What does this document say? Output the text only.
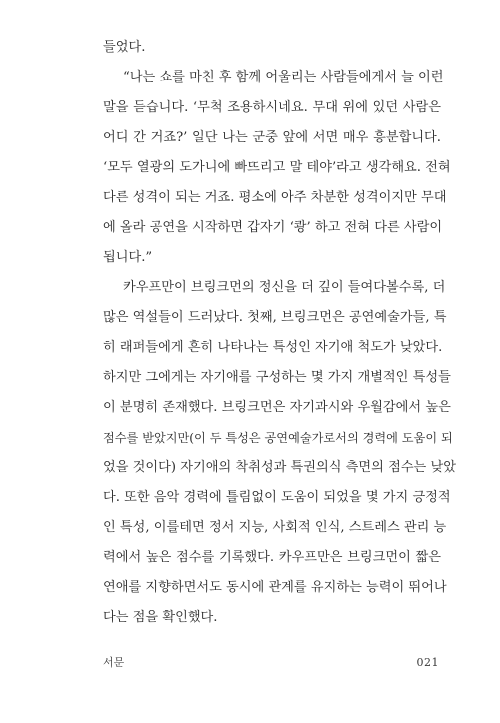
들었다.
“나는 쇼를 마친 후 함께 어울리는 사람들에게서 늘 이런
말을 듣습니다. ‘무척 조용하시네요. 무대 위에 있던 사람은
어디 간 거죠?’ 일단 나는 군중 앞에 서면 매우 흥분합니다.
‘모두 열광의 도가니에 빠뜨리고 말 테야’라고 생각해요. 전혀
다른 성격이 되는 거죠. 평소에 아주 차분한 성격이지만 무대
에 올라 공연을 시작하면 갑자기 ‘쾅’ 하고 전혀 다른 사람이
됩니다.”
카우프만이 브링크먼의 정신을 더 깊이 들여다볼수록, 더
많은 역설들이 드러났다. 첫째, 브링크먼은 공연예술가들, 특
히 래퍼들에게 흔히 나타나는 특성인 자기애 척도가 낮았다.
하지만 그에게는 자기애를 구성하는 몇 가지 개별적인 특성들
이 분명히 존재했다. 브링크먼은 자기과시와 우월감에서 높은
점수를 받았지만(이 두 특성은 공연예술가로서의 경력에 도움이 되
었을 것이다) 자기애의 착취성과 특권의식 측면의 점수는 낮았
다. 또한 음악 경력에 틀림없이 도움이 되었을 몇 가지 긍정적
인 특성, 이를테면 정서 지능, 사회적 인식, 스트레스 관리 능
력에서 높은 점수를 기록했다. 카우프만은 브링크먼이 짧은
연애를 지향하면서도 동시에 관계를 유지하는 능력이 뛰어나
다는 점을 확인했다.
서문	021
